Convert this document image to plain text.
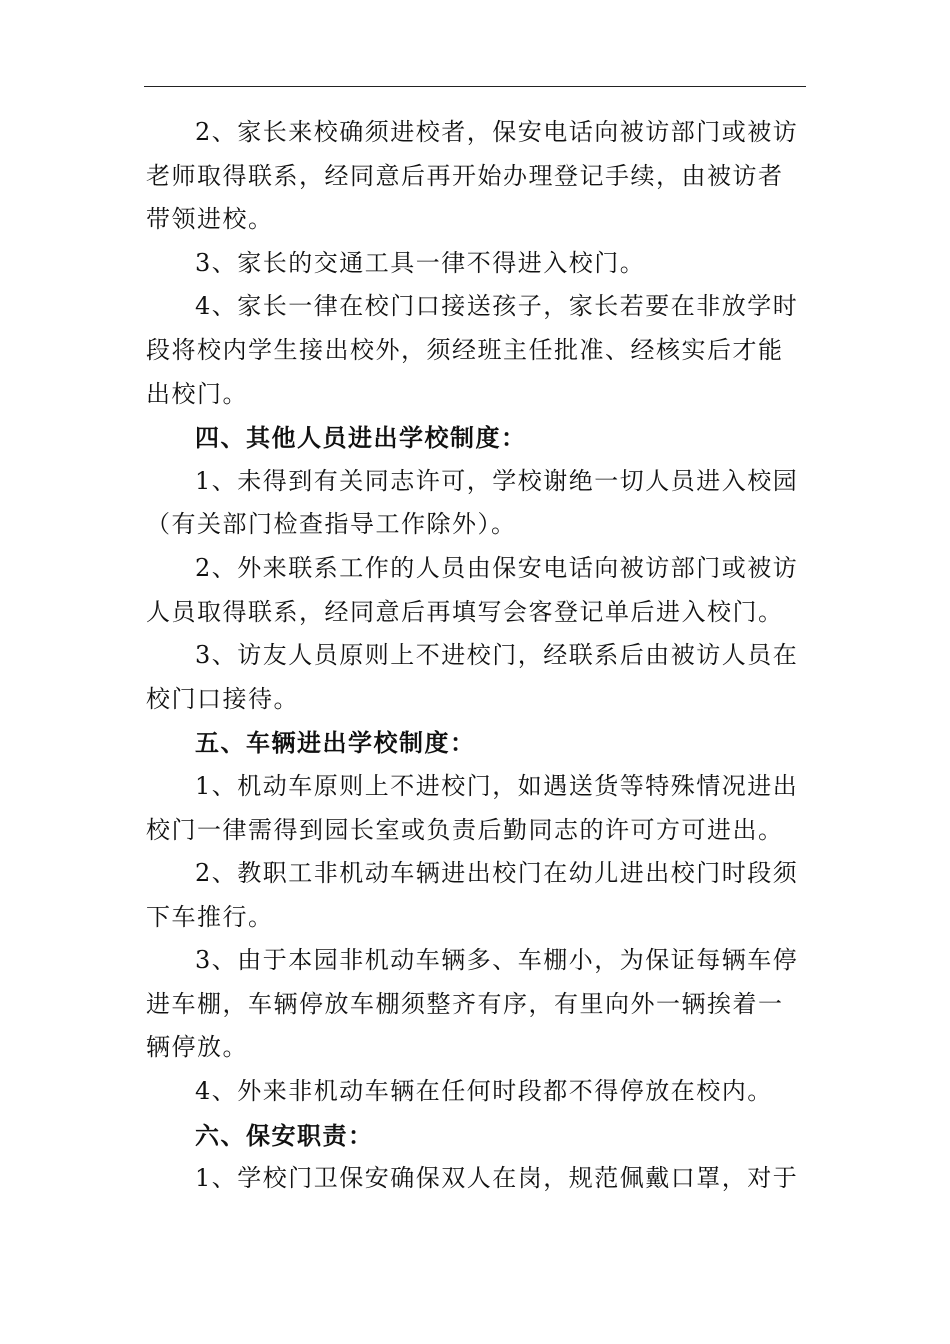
2、家长来校确须进校者，保安电话向被访部门或被访
老师取得联系，经同意后再开始办理登记手续，由被访者
带领进校。
3、家长的交通工具一律不得进入校门。
4、家长一律在校门口接送孩子，家长若要在非放学时
段将校内学生接出校外，须经班主任批准、经核实后才能
出校门。
四、其他人员进出学校制度：
1、未得到有关同志许可，学校谢绝一切人员进入校园
（有关部门检查指导工作除外）。
2、外来联系工作的人员由保安电话向被访部门或被访
人员取得联系，经同意后再填写会客登记单后进入校门。
3、访友人员原则上不进校门，经联系后由被访人员在
校门口接待。
五、车辆进出学校制度：
1、机动车原则上不进校门，如遇送货等特殊情况进出
校门一律需得到园长室或负责后勤同志的许可方可进出。
2、教职工非机动车辆进出校门在幼儿进出校门时段须
下车推行。
3、由于本园非机动车辆多、车棚小，为保证每辆车停
进车棚，车辆停放车棚须整齐有序，有里向外一辆挨着一
辆停放。
4、外来非机动车辆在任何时段都不得停放在校内。
六、保安职责：
1、学校门卫保安确保双人在岗，规范佩戴口罩，对于
